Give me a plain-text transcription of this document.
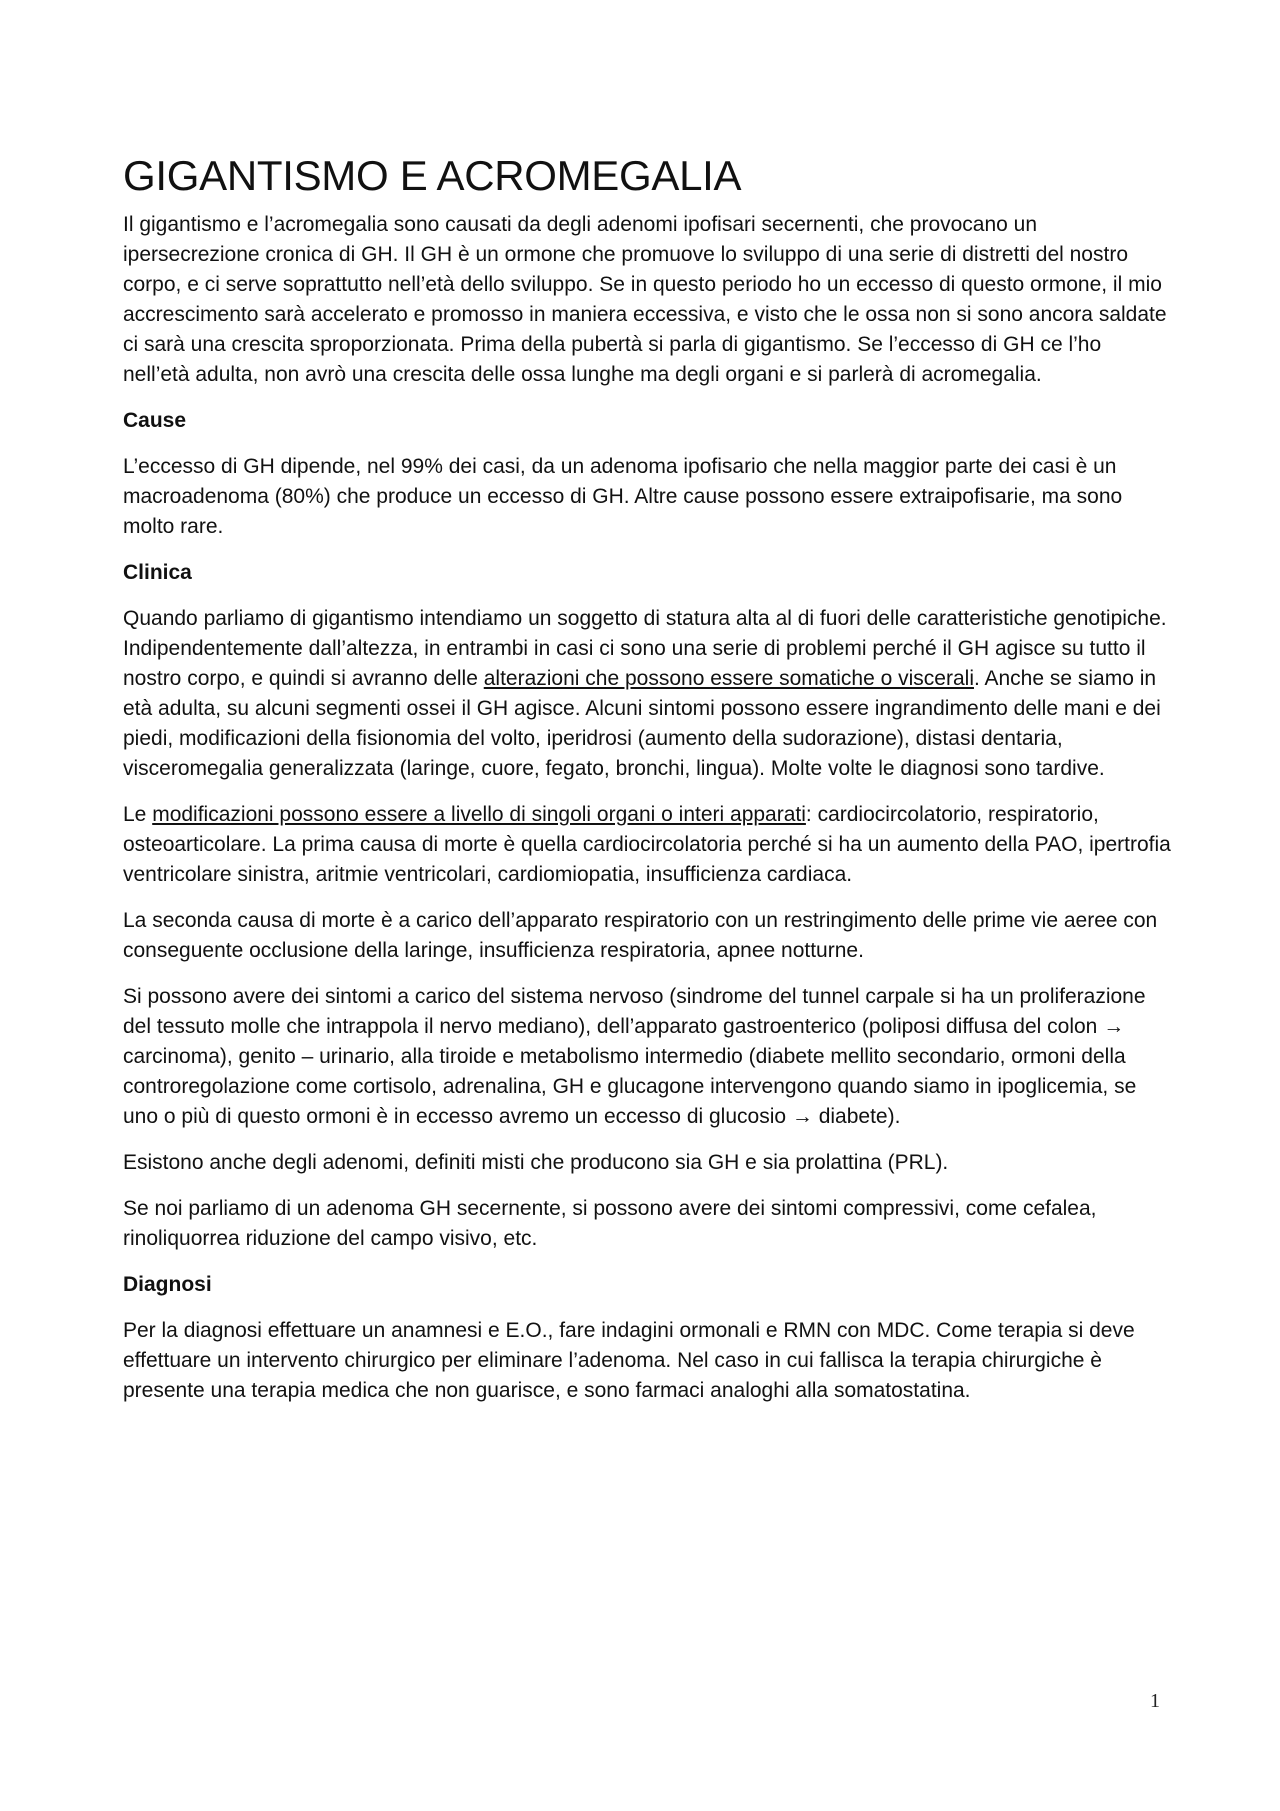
GIGANTISMO E ACROMEGALIA

Il gigantismo e l’acromegalia sono causati da degli adenomi ipofisari secernenti, che provocano un ipersecrezione cronica di GH. Il GH è un ormone che promuove lo sviluppo di una serie di distretti del nostro corpo, e ci serve soprattutto nell’età dello sviluppo. Se in questo periodo ho un eccesso di questo ormone, il mio accrescimento sarà accelerato e promosso in maniera eccessiva, e visto che le ossa non si sono ancora saldate ci sarà una crescita sproporzionata. Prima della pubertà si parla di gigantismo. Se l’eccesso di GH ce l’ho nell’età adulta, non avrò una crescita delle ossa lunghe ma degli organi e si parlerà di acromegalia.

Cause

L’eccesso di GH dipende, nel 99% dei casi, da un adenoma ipofisario che nella maggior parte dei casi è un macroadenoma (80%) che produce un eccesso di GH. Altre cause possono essere extraipofisarie, ma sono molto rare.

Clinica

Quando parliamo di gigantismo intendiamo un soggetto di statura alta al di fuori delle caratteristiche genotipiche. Indipendentemente dall’altezza, in entrambi in casi ci sono una serie di problemi perché il GH agisce su tutto il nostro corpo, e quindi si avranno delle alterazioni che possono essere somatiche o viscerali. Anche se siamo in età adulta, su alcuni segmenti ossei il GH agisce. Alcuni sintomi possono essere ingrandimento delle mani e dei piedi, modificazioni della fisionomia del volto, iperidrosi (aumento della sudorazione), distasi dentaria, visceromegalia generalizzata (laringe, cuore, fegato, bronchi, lingua). Molte volte le diagnosi sono tardive.

Le modificazioni possono essere a livello di singoli organi o interi apparati: cardiocircolatorio, respiratorio, osteoarticolare. La prima causa di morte è quella cardiocircolatoria perché si ha un aumento della PAO, ipertrofia ventricolare sinistra, aritmie ventricolari, cardiomiopatia, insufficienza cardiaca.

La seconda causa di morte è a carico dell’apparato respiratorio con un restringimento delle prime vie aeree con conseguente occlusione della laringe, insufficienza respiratoria, apnee notturne.

Si possono avere dei sintomi a carico del sistema nervoso (sindrome del tunnel carpale si ha un proliferazione del tessuto molle che intrappola il nervo mediano), dell’apparato gastroenterico (poliposi diffusa del colon → carcinoma), genito – urinario, alla tiroide e metabolismo intermedio (diabete mellito secondario, ormoni della controregolazione come cortisolo, adrenalina, GH e glucagone intervengono quando siamo in ipoglicemia, se uno o più di questo ormoni è in eccesso avremo un eccesso di glucosio → diabete).

Esistono anche degli adenomi, definiti misti che producono sia GH e sia prolattina (PRL).

Se noi parliamo di un adenoma GH secernente, si possono avere dei sintomi compressivi, come cefalea, rinoliquorrea riduzione del campo visivo, etc.

Diagnosi

Per la diagnosi effettuare un anamnesi e E.O., fare indagini ormonali e RMN con MDC. Come terapia si deve effettuare un intervento chirurgico per eliminare l’adenoma. Nel caso in cui fallisca la terapia chirurgiche è presente una terapia medica che non guarisce, e sono farmaci analoghi alla somatostatina.

1
